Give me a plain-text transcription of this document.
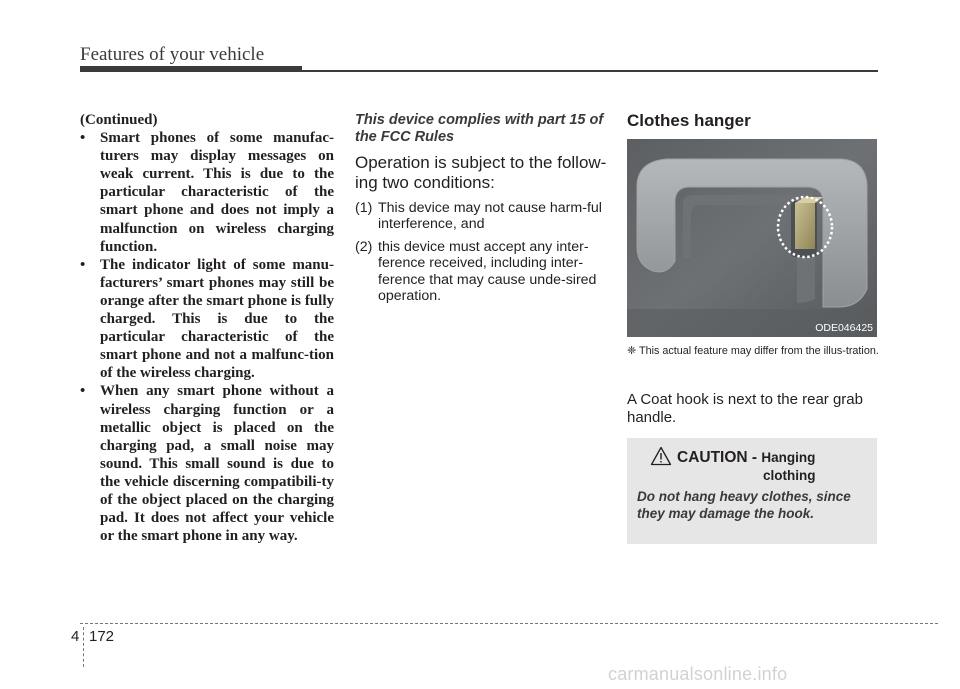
Features of your vehicle
(Continued)
• Smart phones of some manufac-turers may display messages on weak current. This is due to the particular characteristic of the smart phone and does not imply a malfunction on wireless charging function.
• The indicator light of some manu-facturers’ smart phones may still be orange after the smart phone is fully charged. This is due to the particular characteristic of the smart phone and not a malfunc-tion of the wireless charging.
• When any smart phone without a wireless charging function or a metallic object is placed on the charging pad, a small noise may sound. This small sound is due to the vehicle discerning compatibili-ty of the object placed on the charging pad. It does not affect your vehicle or the smart phone in any way.
This device complies with part 15 of the FCC Rules
Operation is subject to the follow-ing two conditions:
(1) This device may not cause harm-ful interference, and
(2) this device must accept any inter-ference received, including inter-ference that may cause unde-sired operation.
Clothes hanger
ODE046425
❈ This actual feature may differ from the illus-tration.
A Coat hook is next to the rear grab handle.
CAUTION - Hanging
clothing
Do not hang heavy clothes, since they may damage the hook.
4 172
carmanualsonline.info
